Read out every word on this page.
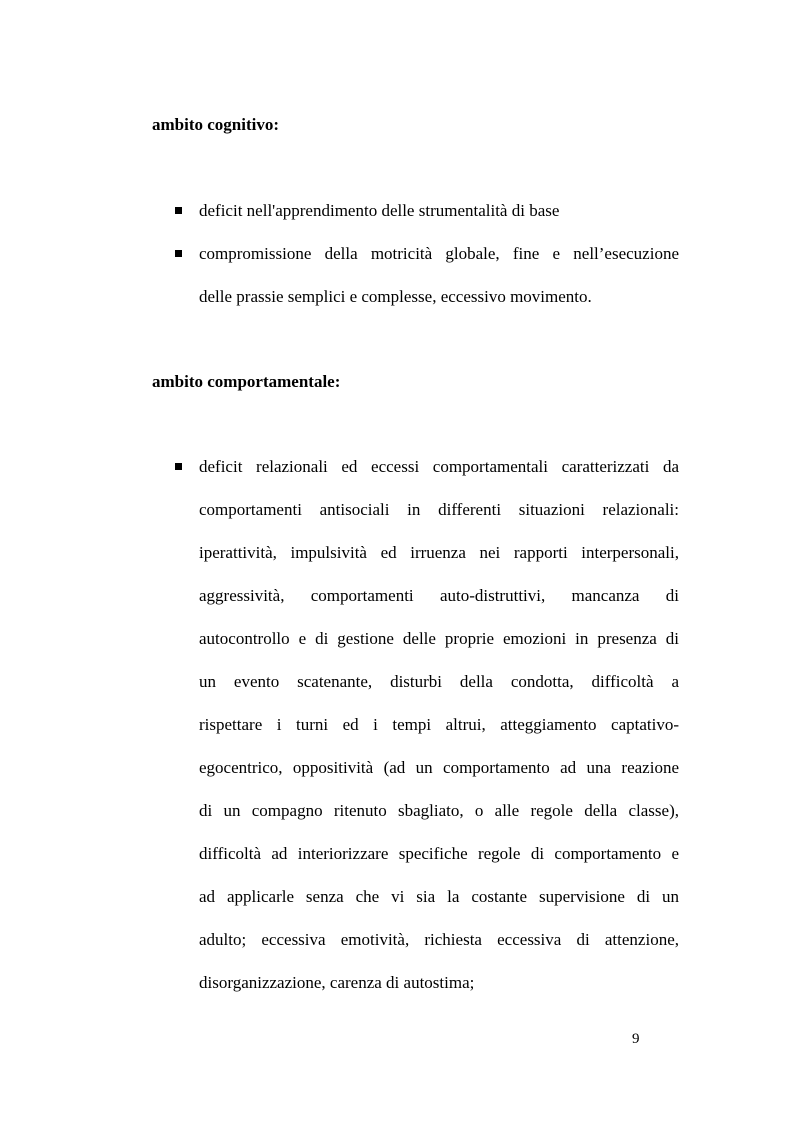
ambito cognitivo:
deficit nell'apprendimento delle strumentalità di base
compromissione della motricità globale, fine e nell’esecuzione
delle prassie semplici e complesse, eccessivo movimento.
ambito comportamentale:
deficit relazionali ed eccessi comportamentali caratterizzati da
comportamenti antisociali in differenti situazioni relazionali:
iperattività, impulsività ed irruenza nei rapporti interpersonali,
aggressività, comportamenti auto-distruttivi, mancanza di
autocontrollo e di gestione delle proprie emozioni in presenza di
un evento scatenante, disturbi della condotta, difficoltà a
rispettare i turni ed i tempi altrui, atteggiamento captativo-
egocentrico, oppositività (ad un comportamento ad una reazione
di un compagno ritenuto sbagliato, o alle regole della classe),
difficoltà ad interiorizzare specifiche regole di comportamento e
ad applicarle senza che vi sia la costante supervisione di un
adulto; eccessiva emotività, richiesta eccessiva di attenzione,
disorganizzazione, carenza di autostima;
9
